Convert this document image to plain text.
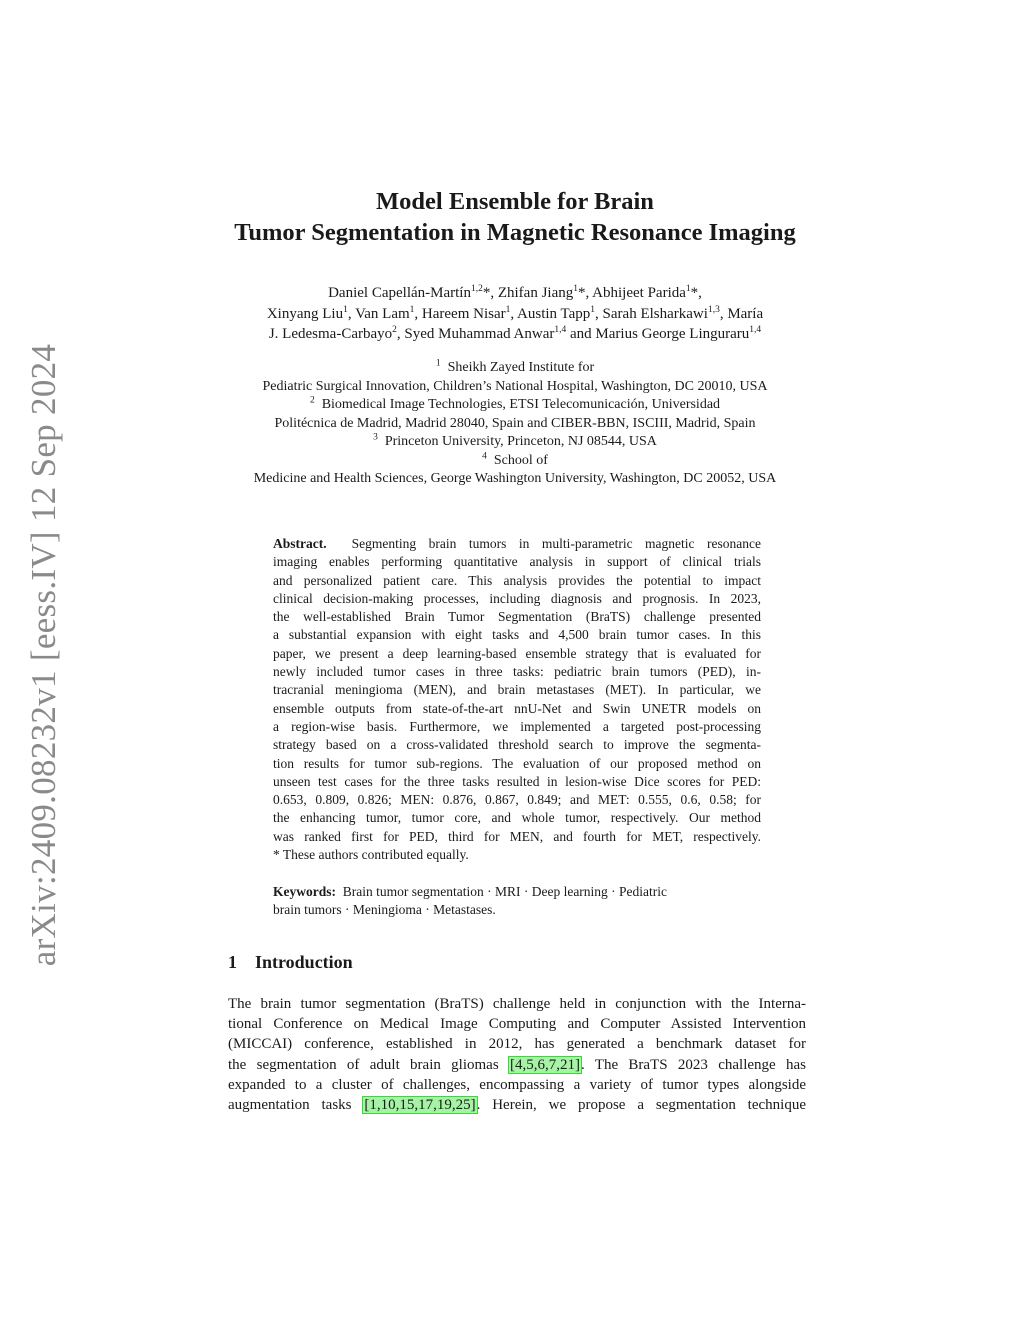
arXiv:2409.08232v1 [eess.IV] 12 Sep 2024
Model Ensemble for Brain
Tumor Segmentation in Magnetic Resonance Imaging
Daniel Capellán-Martín$^{1,2}$*, Zhifan Jiang$^1$*, Abhijeet Parida$^1$*,
Xinyang Liu$^1$, Van Lam$^1$, Hareem Nisar$^1$, Austin Tapp$^1$, Sarah Elsharkawi$^{1,3}$, María
J. Ledesma-Carbayo$^2$, Syed Muhammad Anwar$^{1,4}$ and Marius George Linguraru$^{1,4}$
$^1$ Sheikh Zayed Institute for
Pediatric Surgical Innovation, Children’s National Hospital, Washington, DC 20010, USA
$^2$ Biomedical Image Technologies, ETSI Telecomunicación, Universidad
Politécnica de Madrid, Madrid 28040, Spain and CIBER-BBN, ISCIII, Madrid, Spain
$^3$ Princeton University, Princeton, NJ 08544, USA
$^4$ School of
Medicine and Health Sciences, George Washington University, Washington, DC 20052, USA
Abstract. Segmenting brain tumors in multi-parametric magnetic resonance
imaging enables performing quantitative analysis in support of clinical trials
and personalized patient care. This analysis provides the potential to impact
clinical decision-making processes, including diagnosis and prognosis. In 2023,
the well-established Brain Tumor Segmentation (BraTS) challenge presented
a substantial expansion with eight tasks and 4,500 brain tumor cases. In this
paper, we present a deep learning-based ensemble strategy that is evaluated for
newly included tumor cases in three tasks: pediatric brain tumors (PED), in-
tracranial meningioma (MEN), and brain metastases (MET). In particular, we
ensemble outputs from state-of-the-art nnU-Net and Swin UNETR models on
a region-wise basis. Furthermore, we implemented a targeted post-processing
strategy based on a cross-validated threshold search to improve the segmenta-
tion results for tumor sub-regions. The evaluation of our proposed method on
unseen test cases for the three tasks resulted in lesion-wise Dice scores for PED:
0.653, 0.809, 0.826; MEN: 0.876, 0.867, 0.849; and MET: 0.555, 0.6, 0.58; for
the enhancing tumor, tumor core, and whole tumor, respectively. Our method
was ranked first for PED, third for MEN, and fourth for MET, respectively.
* These authors contributed equally.
Keywords: Brain tumor segmentation · MRI · Deep learning · Pediatric
brain tumors · Meningioma · Metastases.
1 Introduction
The brain tumor segmentation (BraTS) challenge held in conjunction with the Interna-
tional Conference on Medical Image Computing and Computer Assisted Intervention
(MICCAI) conference, established in 2012, has generated a benchmark dataset for
the segmentation of adult brain gliomas [4,5,6,7,21]. The BraTS 2023 challenge has
expanded to a cluster of challenges, encompassing a variety of tumor types alongside
augmentation tasks [1,10,15,17,19,25]. Herein, we propose a segmentation technique
